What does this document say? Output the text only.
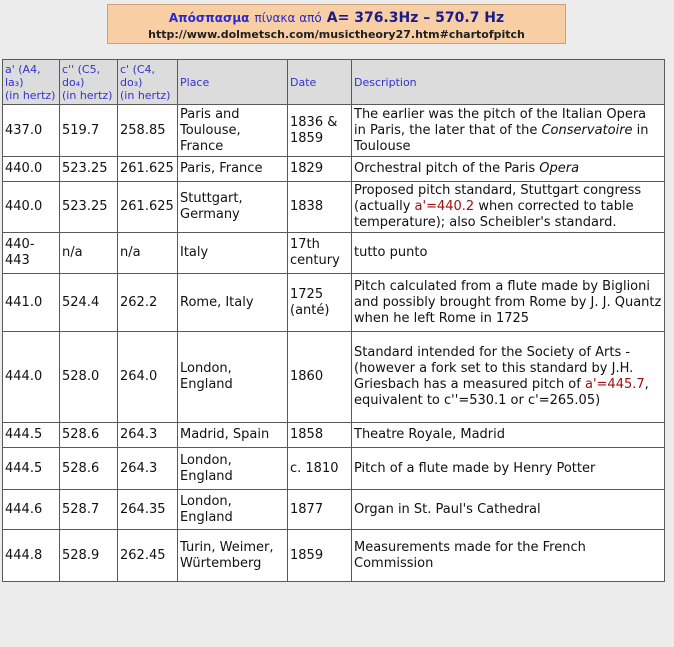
Απόσπασμα πίνακα από A= 376.3Hz – 570.7 Hz
http://www.dolmetsch.com/musictheory27.htm#chartofpitch
a' (A4,
la₃)
(in hertz)	c'' (C5,
do₄)
(in hertz)	c' (C4,
do₃)
(in hertz)	Place	Date	Description
437.0	519.7	258.85	Paris and Toulouse, France	1836 & 1859	The earlier was the pitch of the Italian Opera in Paris, the later that of the Conservatoire in Toulouse
440.0	523.25	261.625	Paris, France	1829	Orchestral pitch of the Paris Opera
440.0	523.25	261.625	Stuttgart, Germany	1838	Proposed pitch standard, Stuttgart congress (actually a'=440.2 when corrected to table temperature); also Scheibler's standard.
440-443	n/a	n/a	Italy	17th century	tutto punto
441.0	524.4	262.2	Rome, Italy	1725 (anté)	Pitch calculated from a flute made by Biglioni and possibly brought from Rome by J. J. Quantz when he left Rome in 1725
444.0	528.0	264.0	London, England	1860	Standard intended for the Society of Arts - (however a fork set to this standard by J.H. Griesbach has a measured pitch of a'=445.7, equivalent to c''=530.1 or c'=265.05)
444.5	528.6	264.3	Madrid, Spain	1858	Theatre Royale, Madrid
444.5	528.6	264.3	London, England	c. 1810	Pitch of a flute made by Henry Potter
444.6	528.7	264.35	London, England	1877	Organ in St. Paul's Cathedral
444.8	528.9	262.45	Turin, Weimer, Würtemberg	1859	Measurements made for the French Commission
